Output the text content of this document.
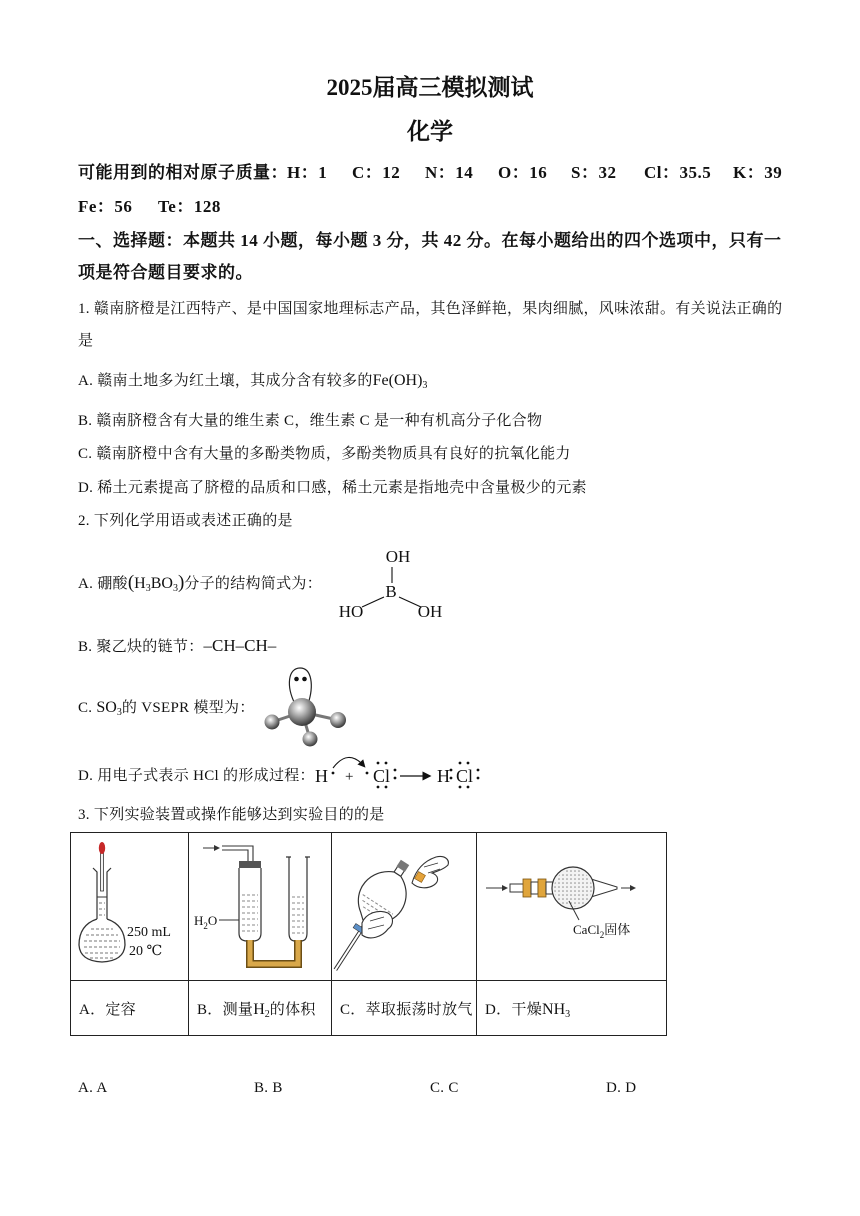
2025届高三模拟测试
化学
可能用到的相对原子质量： H：1 C：12 N：14 O：16 S：32 Cl：35.5 K：39
Fe：56 Te：128
一、选择题：本题共 14 小题，每小题 3 分，共 42 分。在每小题给出的四个选项中，只有一
项是符合题目要求的。
1. 赣南脐橙是江西特产、是中国国家地理标志产品，其色泽鲜艳，果肉细腻，风味浓甜。有关说法正确的
是
A. 赣南土地多为红土壤，其成分含有较多的$Fe(OH)_3$
B. 赣南脐橙含有大量的维生素 C，维生素 C 是一种有机高分子化合物
C. 赣南脐橙中含有大量的多酚类物质，多酚类物质具有良好的抗氧化能力
D. 稀土元素提高了脐橙的品质和口感，稀土元素是指地壳中含量极少的元素
2. 下列化学用语或表述正确的是
A. 硼酸$(H_3BO_3)$分子的结构简式为：
OH
B
HO	OH
B. 聚乙炔的链节：–CH–CH–
C. $SO_3$的 VSEPR 模型为：
D. 用电子式表示 HCl 的形成过程： H + Cl	H Cl
3. 下列实验装置或操作能够达到实验目的的是
250 mL
20 ℃	$H_2O$		CaCl$_2$固体

A．定容	B．测量$H_2$的体积	C．萃取振荡时放气	D．干燥$NH_3$
A. A	B. B	C. C	D. D
